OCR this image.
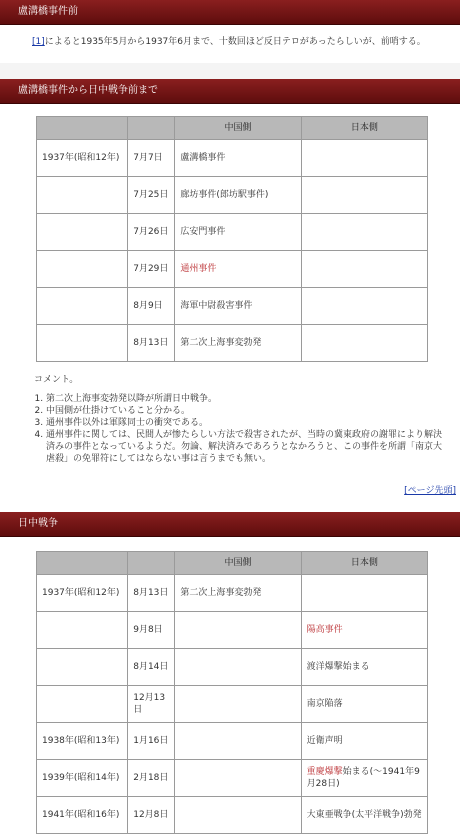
盧溝橋事件前
[1]によると1935年5月から1937年6月まで、十数回ほど反日テロがあったらしいが、前哨する。
盧溝橋事件から日中戦争前まで
		中国側	日本側
1937年(昭和12年)	7月7日	盧溝橋事件	
	7月25日	廊坊事件(郎坊駅事件)	
	7月26日	広安門事件	
	7月29日	通州事件	
	8月9日	海軍中尉殺害事件	
	8月13日	第二次上海事変勃発	
コメント。
1. 第二次上海事変勃発以降が所謂日中戦争。
2. 中国側が仕掛けていること分かる。
3. 通州事件以外は軍隊同士の衝突である。
4. 通州事件に関しては、民間人が惨たらしい方法で殺害されたが、当時の冀東政府の謝罪により解決済みの事件となっているようだ。勿論、解決済みであろうとなかろうと、この事件を所謂「南京大虐殺」の免罪符にしてはならない事は言うまでも無い。
[ページ先頭]
日中戦争
		中国側	日本側
1937年(昭和12年)	8月13日	第二次上海事変勃発	
	9月8日		陽高事件
	8月14日		渡洋爆撃始まる
	12月13日		南京陥落
1938年(昭和13年)	1月16日		近衛声明
1939年(昭和14年)	2月18日		重慶爆撃始まる(～1941年9月28日)
1941年(昭和16年)	12月8日		大東亜戦争(太平洋戦争)勃発
